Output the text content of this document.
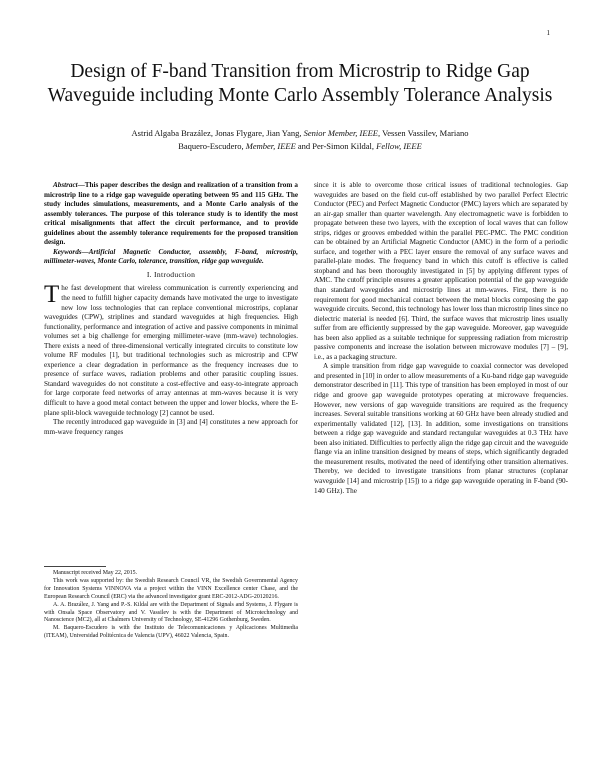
1
Design of F-band Transition from Microstrip to Ridge Gap Waveguide including Monte Carlo Assembly Tolerance Analysis
Astrid Algaba Brazález, Jonas Flygare, Jian Yang, Senior Member, IEEE, Vessen Vassilev, Mariano
Baquero-Escudero, Member, IEEE and Per-Simon Kildal, Fellow, IEEE

Abstract—This paper describes the design and realization of a transition from a microstrip line to a ridge gap waveguide operating between 95 and 115 GHz. The study includes simulations, measurements, and a Monte Carlo analysis of the assembly tolerances. The purpose of this tolerance study is to identify the most critical misalignments that affect the circuit performance, and to provide guidelines about the assembly tolerance requirements for the proposed transition design.

Keywords—Artificial Magnetic Conductor, assembly, F-band, microstrip, millimeter-waves, Monte Carlo, tolerance, transition, ridge gap waveguide.

I. Introduction

The fast development that wireless communication is currently experiencing and the need to fulfill higher capacity demands have motivated the urge to investigate new low loss technologies that can replace conventional microstrips, coplanar waveguides (CPW), striplines and standard waveguides at high frequencies. High functionality, performance and integration of active and passive components in minimal volumes set a big challenge for emerging millimeter-wave (mm-wave) technologies. There exists a need of three-dimensional vertically integrated circuits to constitute low volume RF modules [1], but traditional technologies such as microstrip and CPW experience a clear degradation in performance as the frequency increases due to presence of surface waves, radiation problems and other parasitic coupling issues. Standard waveguides do not constitute a cost-effective and easy-to-integrate approach for large corporate feed networks of array antennas at mm-waves because it is very difficult to have a good metal contact between the upper and lower blocks, where the E-plane split-block waveguide technology [2] cannot be used.

The recently introduced gap waveguide in [3] and [4] constitutes a new approach for mm-wave frequency ranges

Manuscript received May 22, 2015.

This work was supported by: the Swedish Research Council VR, the Swedish Governmental Agency for Innovation Systems VINNOVA via a project within the VINN Excellence center Chase, and the European Research Council (ERC) via the advanced investigator grant ERC-2012-ADG-20120216.

A. A. Brazález, J. Yang and P.-S. Kildal are with the Department of Signals and Systems, J. Flygare is with Onsala Space Observatory and V. Vassilev is with the Department of Microtechnology and Nanoscience (MC2), all at Chalmers University of Technology, SE-41296 Gothenburg, Sweden.

M. Baquero-Escudero is with the Instituto de Telecomunicaciones y Aplicaciones Multimedia (ITEAM), Universidad Politécnica de Valencia (UPV), 46022 Valencia, Spain.

since it is able to overcome those critical issues of traditional technologies. Gap waveguides are based on the field cut-off established by two parallel Perfect Electric Conductor (PEC) and Perfect Magnetic Conductor (PMC) layers which are separated by an air-gap smaller than quarter wavelength. Any electromagnetic wave is forbidden to propagate between these two layers, with the exception of local waves that can follow strips, ridges or grooves embedded within the parallel PEC-PMC. The PMC condition can be obtained by an Artificial Magnetic Conductor (AMC) in the form of a periodic surface, and together with a PEC layer ensure the removal of any surface waves and parallel-plate modes. The frequency band in which this cutoff is effective is called stopband and has been thoroughly investigated in [5] by applying different types of AMC. The cutoff principle ensures a greater application potential of the gap waveguide than standard waveguides and microstrip lines at mm-waves. First, there is no requirement for good mechanical contact between the metal blocks composing the gap waveguide circuits. Second, this technology has lower loss than microstrip lines since no dielectric material is needed [6]. Third, the surface waves that microstrip lines usually suffer from are efficiently suppressed by the gap waveguide. Moreover, gap waveguide has been also applied as a suitable technique for suppressing radiation from microstrip passive components and increase the isolation between microwave modules [7] – [9], i.e., as a packaging structure.

A simple transition from ridge gap waveguide to coaxial connector was developed and presented in [10] in order to allow measurements of a Ku-band ridge gap waveguide demonstrator described in [11]. This type of transition has been employed in most of our ridge and groove gap waveguide prototypes operating at microwave frequencies. However, new versions of gap waveguide transitions are required as the frequency increases. Several suitable transitions working at 60 GHz have been already studied and experimentally validated [12], [13]. In addition, some investigations on transitions between a ridge gap waveguide and standard rectangular waveguides at 0.3 THz have been also initiated. Difficulties to perfectly align the ridge gap circuit and the waveguide flange via an inline transition designed by means of steps, which significantly degraded the measurement results, motivated the need of identifying other transition alternatives. Thereby, we decided to investigate transitions from planar structures (coplanar waveguide [14] and microstrip [15]) to a ridge gap waveguide operating in F-band (90-140 GHz). The
